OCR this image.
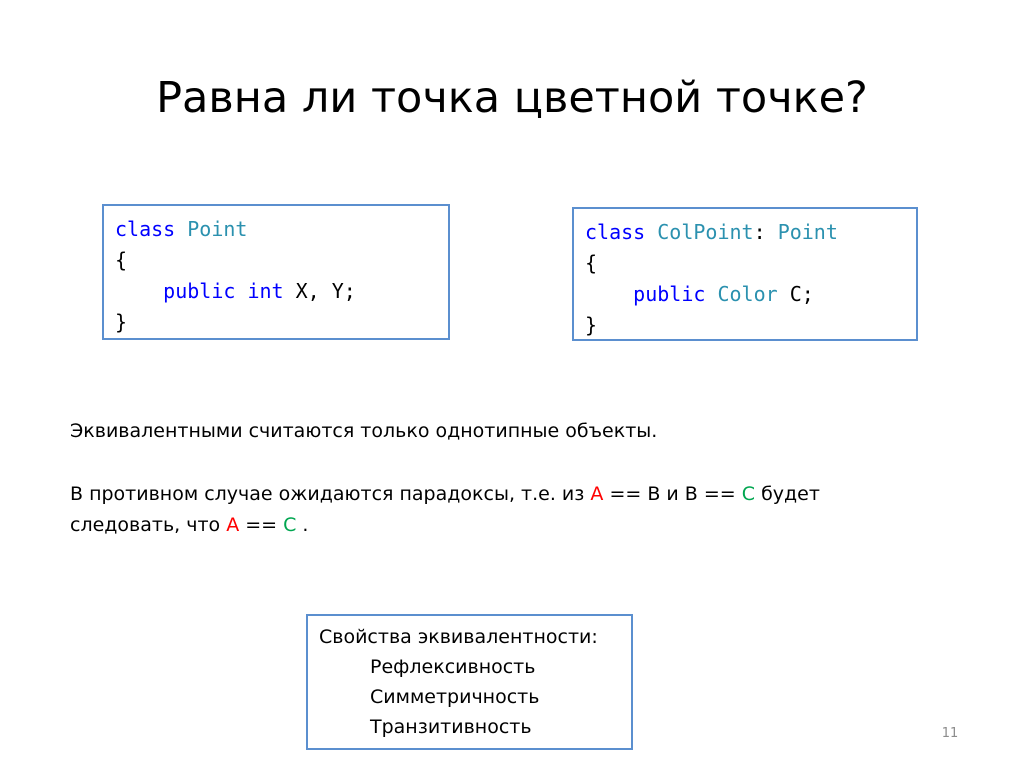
Равна ли точка цветной точке?
class Point
{
public int X, Y;
}
class ColPoint: Point
{
public Color C;
}
Эквивалентными считаются только однотипные объекты.
В противном случае ожидаются парадоксы, т.е. из A == B и B == C будет
следовать, что A == C .
Свойства эквивалентности:
Рефлексивность
Симметричность
Транзитивность	11
